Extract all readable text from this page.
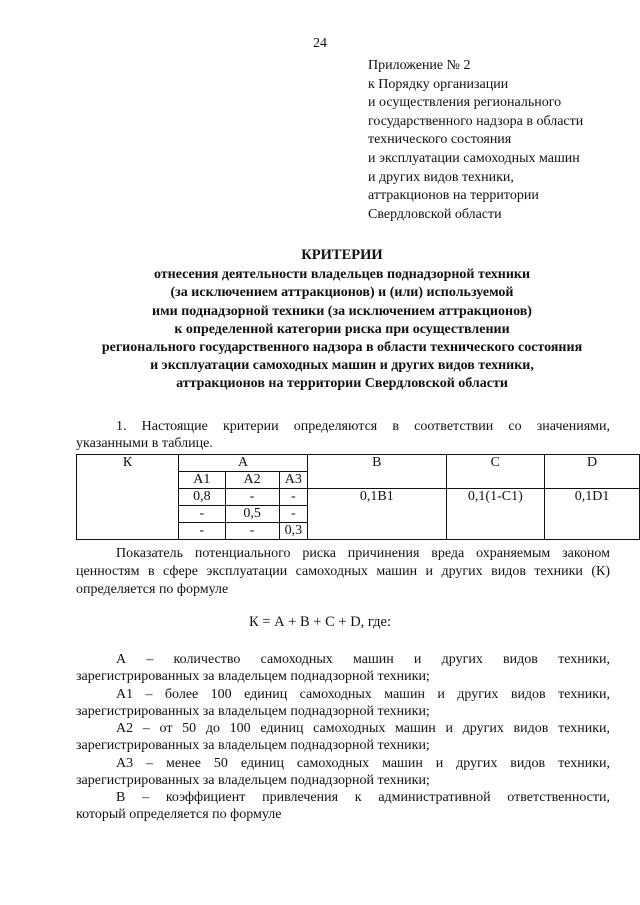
24
Приложение № 2
к Порядку организации
и осуществления регионального
государственного надзора в области
технического состояния
и эксплуатации самоходных машин
и других видов техники,
аттракционов на территории
Свердловской области
КРИТЕРИИ
отнесения деятельности владельцев поднадзорной техники
(за исключением аттракционов) и (или) используемой
ими поднадзорной техники (за исключением аттракционов)
к определенной категории риска при осуществлении
регионального государственного надзора в области технического состояния
и эксплуатации самоходных машин и других видов техники,
аттракционов на территории Свердловской области
1. Настоящие критерии определяются в соответствии со значениями,
указанными в таблице.
К	А			В	С	D
	А1	А2	А3			
	0,8	-	-	0,1В1	0,1(1-С1)	0,1D1
	-	0,5	-			
	-	-	0,3			
Показатель потенциального риска причинения вреда охраняемым законом
ценностям в сфере эксплуатации самоходных машин и других видов техники (К)
определяется по формуле
К = А + В + С + D, где:
А – количество самоходных машин и других видов техники,
зарегистрированных за владельцем поднадзорной техники;
А1 – более 100 единиц самоходных машин и других видов техники,
зарегистрированных за владельцем поднадзорной техники;
А2 – от 50 до 100 единиц самоходных машин и других видов техники,
зарегистрированных за владельцем поднадзорной техники;
А3 – менее 50 единиц самоходных машин и других видов техники,
зарегистрированных за владельцем поднадзорной техники;
В – коэффициент привлечения к административной ответственности,
который определяется по формуле
